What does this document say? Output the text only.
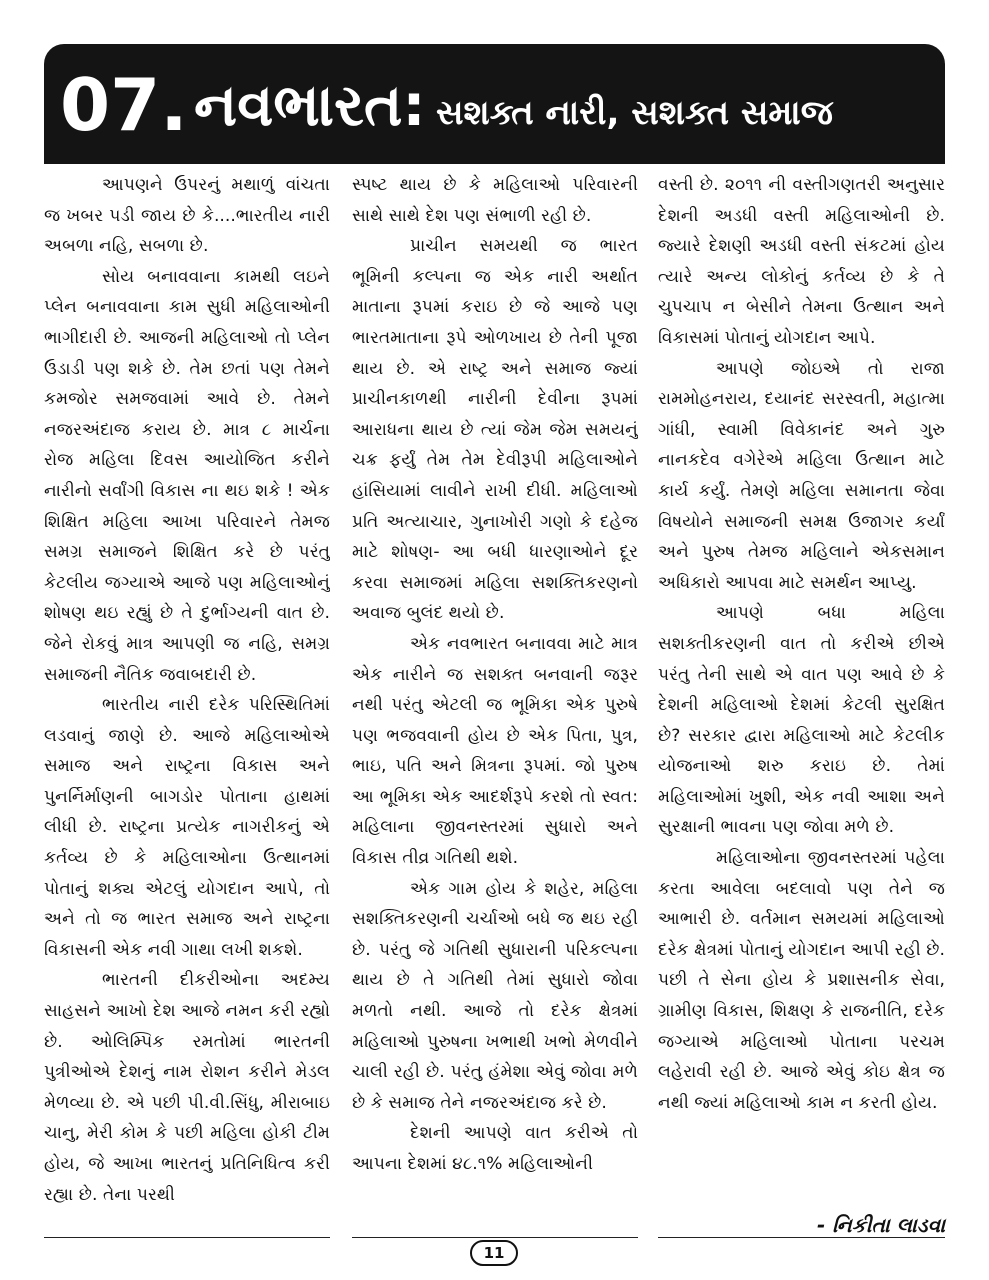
07. નવભારત: સશક્ત નારી, સશક્ત સમાજ

આપણને ઉપરનું મથાળું વાંચતા જ ખબર પડી જાય છે કે....ભારતીય નારી અબળા નહિ, સબળા છે.

સોય બનાવવાના કામથી લઇને પ્લેન બનાવવાના કામ સુધી મહિલાઓની ભાગીદારી છે. આજની મહિલાઓ તો પ્લેન ઉડાડી પણ શકે છે. તેમ છતાં પણ તેમને કમજોર સમજવામાં આવે છે. તેમને નજરઅંદાજ કરાય છે. માત્ર ૮ માર્ચના રોજ મહિલા દિવસ આયોજિત કરીને નારીનો સર્વાંગી વિકાસ ના થઇ શકે ! એક શિક્ષિત મહિલા આખા પરિવારને તેમજ સમગ્ર સમાજને શિક્ષિત કરે છે પરંતુ કેટલીય જગ્યાએ આજે પણ મહિલાઓનું શોષણ થઇ રહ્યું છે તે દુર્ભાગ્યની વાત છે. જેને રોકવું માત્ર આપણી જ નહિ, સમગ્ર સમાજની નૈતિક જવાબદારી છે.

ભારતીય નારી દરેક પરિસ્થિતિમાં લડવાનું જાણે છે. આજે મહિલાઓએ સમાજ અને રાષ્ટ્રના વિકાસ અને પુનર્નિર્માણની બાગડોર પોતાના હાથમાં લીધી છે. રાષ્ટ્રના પ્રત્યેક નાગરીકનું એ કર્તવ્ય છે કે મહિલાઓના ઉત્થાનમાં પોતાનું શક્ય એટલું યોગદાન આપે, તો અને તો જ ભારત સમાજ અને રાષ્ટ્રના વિકાસની એક નવી ગાથા લખી શકશે.

ભારતની દીકરીઓના અદમ્ય સાહસને આખો દેશ આજે નમન કરી રહ્યો છે. ઓલિમ્પિક રમતોમાં ભારતની પુત્રીઓએ દેશનું નામ રોશન કરીને મેડલ મેળવ્યા છે. એ પછી પી.વી.સિંધુ, મીરાબાઇ ચાનુ, મેરી કોમ કે પછી મહિલા હોકી ટીમ હોય, જે આખા ભારતનું પ્રતિનિધિત્વ કરી રહ્યા છે. તેના પરથી

સ્પષ્ટ થાય છે કે મહિલાઓ પરિવારની સાથે સાથે દેશ પણ સંભાળી રહી છે.

પ્રાચીન સમયથી જ ભારત ભૂમિની કલ્પના જ એક નારી અર્થાત માતાના રૂપમાં કરાઇ છે જે આજે પણ ભારતમાતાના રૂપે ઓળખાય છે તેની પૂજા થાય છે. એ રાષ્ટ્ર અને સમાજ જ્યાં પ્રાચીનકાળથી નારીની દેવીના રૂપમાં આરાધના થાય છે ત્યાં જેમ જેમ સમયનું ચક્ર ફર્યું તેમ તેમ દેવીરૂપી મહિલાઓને હાંસિયામાં લાવીને રાખી દીધી. મહિલાઓ પ્રતિ અત્યાચાર, ગુનાખોરી ગણો કે દહેજ માટે શોષણ- આ બધી ધારણાઓને દૂર કરવા સમાજમાં મહિલા સશક્તિકરણનો અવાજ બુલંદ થયો છે.

એક નવભારત બનાવવા માટે માત્ર એક નારીને જ સશક્ત બનવાની જરૂર નથી પરંતુ એટલી જ ભૂમિકા એક પુરુષે પણ ભજવવાની હોય છે એક પિતા, પુત્ર, ભાઇ, પતિ અને મિત્રના રૂપમાં. જો પુરુષ આ ભૂમિકા એક આદર્શરૂપે કરશે તો સ્વત: મહિલાના જીવનસ્તરમાં સુધારો અને વિકાસ તીવ્ર ગતિથી થશે.

એક ગામ હોય કે શહેર, મહિલા સશક્તિકરણની ચર્ચાઓ બધે જ થઇ રહી છે. પરંતુ જે ગતિથી સુધારાની પરિકલ્પના થાય છે તે ગતિથી તેમાં સુધારો જોવા મળતો નથી. આજે તો દરેક ક્ષેત્રમાં મહિલાઓ પુરુષના ખભાથી ખભો મેળવીને ચાલી રહી છે. પરંતુ હંમેશા એવું જોવા મળે છે કે સમાજ તેને નજરઅંદાજ કરે છે.

દેશની આપણે વાત કરીએ તો આપના દેશમાં ૪૮.૧% મહિલાઓની

વસ્તી છે. ૨૦૧૧ ની વસ્તીગણતરી અનુસાર દેશની અડધી વસ્તી મહિલાઓની છે. જ્યારે દેશણી અડધી વસ્તી સંકટમાં હોય ત્યારે અન્ય લોકોનું કર્તવ્ય છે કે તે ચુપચાપ ન બેસીને તેમના ઉત્થાન અને વિકાસમાં પોતાનું યોગદાન આપે.

આપણે જોઇએ તો રાજા રામમોહનરાય, દયાનંદ સરસ્વતી, મહાત્મા ગાંધી, સ્વામી વિવેકાનંદ અને ગુરુ નાનકદેવ વગેરેએ મહિલા ઉત્થાન માટે કાર્ય કર્યું. તેમણે મહિલા સમાનતા જેવા વિષયોને સમાજની સમક્ષ ઉજાગર કર્યાં અને પુરુષ તેમજ મહિલાને એકસમાન અધિકારો આપવા માટે સમર્થન આપ્યુ.

આપણે બધા મહિલા સશક્તીકરણની વાત તો કરીએ છીએ પરંતુ તેની સાથે એ વાત પણ આવે છે કે દેશની મહિલાઓ દેશમાં કેટલી સુરક્ષિત છે? સરકાર દ્વારા મહિલાઓ માટે કેટલીક યોજનાઓ શરુ કરાઇ છે. તેમાં મહિલાઓમાં ખુશી, એક નવી આશા અને સુરક્ષાની ભાવના પણ જોવા મળે છે.

મહિલાઓના જીવનસ્તરમાં પહેલા કરતા આવેલા બદલાવો પણ તેને જ આભારી છે. વર્તમાન સમયમાં મહિલાઓ દરેક ક્ષેત્રમાં પોતાનું યોગદાન આપી રહી છે. પછી તે સેના હોય કે પ્રશાસનીક સેવા, ગ્રામીણ વિકાસ, શિક્ષણ કે રાજનીતિ, દરેક જગ્યાએ મહિલાઓ પોતાના પરચમ લહેરાવી રહી છે. આજે એવું કોઇ ક્ષેત્ર જ નથી જ્યાં મહિલાઓ કામ ન કરતી હોય.

- નિકીતા લાડવા
11
